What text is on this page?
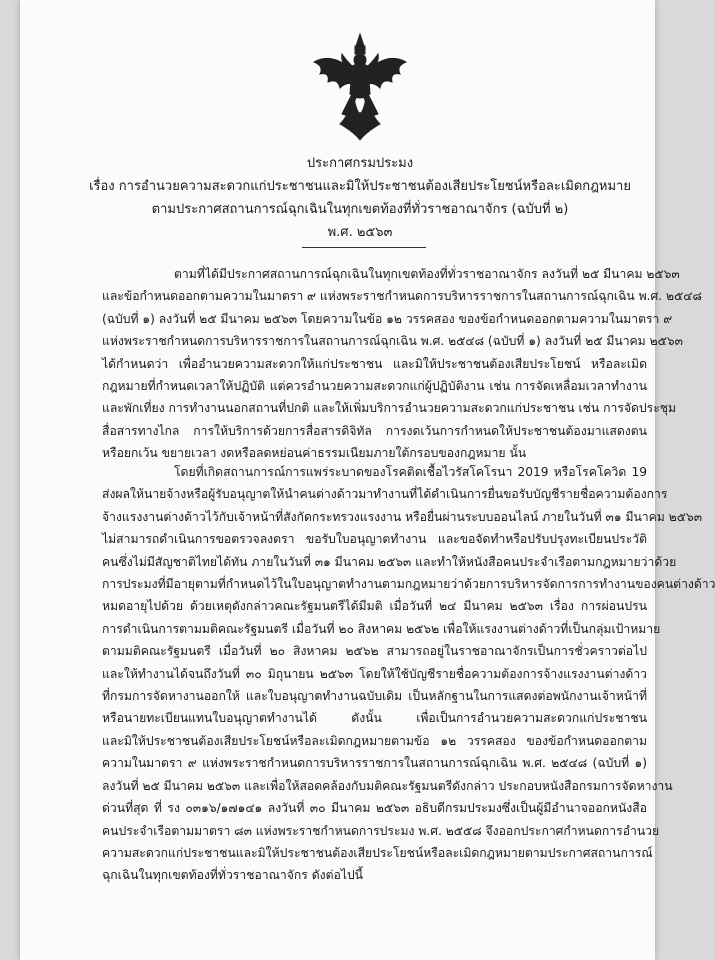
ประกาศกรมประมง
เรื่อง การอำนวยความสะดวกแก่ประชาชนและมิให้ประชาชนต้องเสียประโยชน์หรือละเมิดกฎหมาย
ตามประกาศสถานการณ์ฉุกเฉินในทุกเขตท้องที่ทั่วราชอาณาจักร (ฉบับที่ ๒)
พ.ศ. ๒๕๖๓
ตามที่ได้มีประกาศสถานการณ์ฉุกเฉินในทุกเขตท้องที่ทั่วราชอาณาจักร ลงวันที่ ๒๕ มีนาคม ๒๕๖๓
และข้อกำหนดออกตามความในมาตรา ๙ แห่งพระราชกำหนดการบริหารราชการในสถานการณ์ฉุกเฉิน พ.ศ. ๒๕๔๘
(ฉบับที่ ๑) ลงวันที่ ๒๕ มีนาคม ๒๕๖๓ โดยความในข้อ ๑๒ วรรคสอง ของข้อกำหนดออกตามความในมาตรา ๙
แห่งพระราชกำหนดการบริหารราชการในสถานการณ์ฉุกเฉิน พ.ศ. ๒๕๔๘ (ฉบับที่ ๑) ลงวันที่ ๒๕ มีนาคม ๒๕๖๓
ได้กำหนดว่า เพื่ออำนวยความสะดวกให้แก่ประชาชน และมิให้ประชาชนต้องเสียประโยชน์ หรือละเมิด
กฎหมายที่กำหนดเวลาให้ปฏิบัติ แต่ควรอำนวยความสะดวกแก่ผู้ปฏิบัติงาน เช่น การจัดเหลื่อมเวลาทำงาน
และพักเที่ยง การทำงานนอกสถานที่ปกติ และให้เพิ่มบริการอำนวยความสะดวกแก่ประชาชน เช่น การจัดประชุม
สื่อสารทางไกล การให้บริการด้วยการสื่อสารดิจิทัล การงดเว้นการกำหนดให้ประชาชนต้องมาแสดงตน
หรือยกเว้น ขยายเวลา งดหรือลดหย่อนค่าธรรมเนียมภายใต้กรอบของกฎหมาย นั้น
โดยที่เกิดสถานการณ์การแพร่ระบาดของโรคติดเชื้อไวรัสโคโรนา 2019 หรือโรคโควิด 19
ส่งผลให้นายจ้างหรือผู้รับอนุญาตให้นำคนต่างด้าวมาทำงานที่ได้ดำเนินการยื่นขอรับบัญชีรายชื่อความต้องการ
จ้างแรงงานต่างด้าวไว้กับเจ้าหน้าที่สังกัดกระทรวงแรงงาน หรือยื่นผ่านระบบออนไลน์ ภายในวันที่ ๓๑ มีนาคม ๒๕๖๓
ไม่สามารถดำเนินการขอตรวจลงตรา ขอรับใบอนุญาตทำงาน และขอจัดทำหรือปรับปรุงทะเบียนประวัติ
คนซึ่งไม่มีสัญชาติไทยได้ทัน ภายในวันที่ ๓๑ มีนาคม ๒๕๖๓ และทำให้หนังสือคนประจำเรือตามกฎหมายว่าด้วย
การประมงที่มีอายุตามที่กำหนดไว้ในใบอนุญาตทำงานตามกฎหมายว่าด้วยการบริหารจัดการการทำงานของคนต่างด้าว
หมดอายุไปด้วย ด้วยเหตุดังกล่าวคณะรัฐมนตรีได้มีมติ เมื่อวันที่ ๒๔ มีนาคม ๒๕๖๓ เรื่อง การผ่อนปรน
การดำเนินการตามมติคณะรัฐมนตรี เมื่อวันที่ ๒๐ สิงหาคม ๒๕๖๒ เพื่อให้แรงงานต่างด้าวที่เป็นกลุ่มเป้าหมาย
ตามมติคณะรัฐมนตรี เมื่อวันที่ ๒๐ สิงหาคม ๒๕๖๒ สามารถอยู่ในราชอาณาจักรเป็นการชั่วคราวต่อไป
และให้ทำงานได้จนถึงวันที่ ๓๐ มิถุนายน ๒๕๖๓ โดยให้ใช้บัญชีรายชื่อความต้องการจ้างแรงงานต่างด้าว
ที่กรมการจัดหางานออกให้ และใบอนุญาตทำงานฉบับเดิม เป็นหลักฐานในการแสดงต่อพนักงานเจ้าหน้าที่
หรือนายทะเบียนแทนใบอนุญาตทำงานได้ ดังนั้น เพื่อเป็นการอำนวยความสะดวกแก่ประชาชน
และมิให้ประชาชนต้องเสียประโยชน์หรือละเมิดกฎหมายตามข้อ ๑๒ วรรคสอง ของข้อกำหนดออกตาม
ความในมาตรา ๙ แห่งพระราชกำหนดการบริหารราชการในสถานการณ์ฉุกเฉิน พ.ศ. ๒๕๔๘ (ฉบับที่ ๑)
ลงวันที่ ๒๕ มีนาคม ๒๕๖๓ และเพื่อให้สอดคล้องกับมติคณะรัฐมนตรีดังกล่าว ประกอบหนังสือกรมการจัดหางาน
ด่วนที่สุด ที่ รง ๐๓๑๖/๑๗๑๔๑ ลงวันที่ ๓๐ มีนาคม ๒๕๖๓ อธิบดีกรมประมงซึ่งเป็นผู้มีอำนาจออกหนังสือ
คนประจำเรือตามมาตรา ๘๓ แห่งพระราชกำหนดการประมง พ.ศ. ๒๕๕๘ จึงออกประกาศกำหนดการอำนวย
ความสะดวกแก่ประชาชนและมิให้ประชาชนต้องเสียประโยชน์หรือละเมิดกฎหมายตามประกาศสถานการณ์
ฉุกเฉินในทุกเขตท้องที่ทั่วราชอาณาจักร ดังต่อไปนี้
